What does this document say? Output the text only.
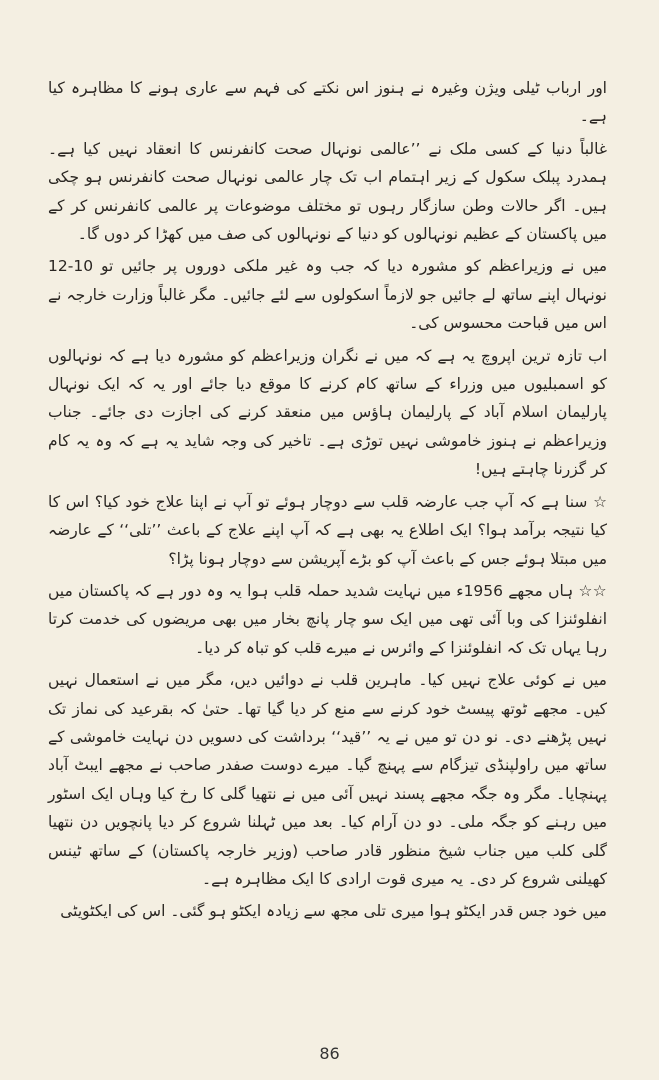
اور ارباب ٹیلی ویژن وغیرہ نے ہنوز اس نکتے کی فہم سے عاری ہونے کا مظاہرہ کیا ہے۔

غالباً دنیا کے کسی ملک نے ’’عالمی نونہال صحت کانفرنس کا انعقاد نہیں کیا ہے۔ ہمدرد پبلک سکول کے زیر اہتمام اب تک چار عالمی نونہال صحت کانفرنس ہو چکی ہیں۔ اگر حالات وطن سازگار رہوں تو مختلف موضوعات پر عالمی کانفرنس کر کے میں پاکستان کے عظیم نونہالوں کو دنیا کے نونہالوں کی صف میں کھڑا کر دوں گا۔

میں نے وزیراعظم کو مشورہ دیا کہ جب وہ غیر ملکی دوروں پر جائیں تو 10-12 نونہال اپنے ساتھ لے جائیں جو لازماً اسکولوں سے لئے جائیں۔ مگر غالباً وزارت خارجہ نے اس میں قباحت محسوس کی۔

اب تازہ ترین اپروچ یہ ہے کہ میں نے نگران وزیراعظم کو مشورہ دیا ہے کہ نونہالوں کو اسمبلیوں میں وزراء کے ساتھ کام کرنے کا موقع دیا جائے اور یہ کہ ایک نونہال پارلیمان اسلام آباد کے پارلیمان ہاؤس میں منعقد کرنے کی اجازت دی جائے۔ جناب وزیراعظم نے ہنوز خاموشی نہیں توڑی ہے۔ تاخیر کی وجہ شاید یہ ہے کہ وہ یہ کام کر گزرنا چاہتے ہیں!

☆ سنا ہے کہ آپ جب عارضہ قلب سے دوچار ہوئے تو آپ نے اپنا علاج خود کیا؟ اس کا کیا نتیجہ برآمد ہوا؟ ایک اطلاع یہ بھی ہے کہ آپ اپنے علاج کے باعث ’’تلی‘‘ کے عارضہ میں مبتلا ہوئے جس کے باعث آپ کو بڑے آپریشن سے دوچار ہونا پڑا؟

☆☆ ہاں مجھے 1956ء میں نہایت شدید حملہ قلب ہوا یہ وہ دور ہے کہ پاکستان میں انفلوئنزا کی وبا آئی تھی میں ایک سو چار پانچ بخار میں بھی مریضوں کی خدمت کرتا رہا یہاں تک کہ انفلوئنزا کے وائرس نے میرے قلب کو تباہ کر دیا۔

میں نے کوئی علاج نہیں کیا۔ ماہرین قلب نے دوائیں دیں، مگر میں نے استعمال نہیں کیں۔ مجھے ٹوتھ پیسٹ خود کرنے سے منع کر دیا گیا تھا۔ حتیٰ کہ بقرعید کی نماز تک نہیں پڑھنے دی۔ نو دن تو میں نے یہ ’’قید‘‘ برداشت کی دسویں دن نہایت خاموشی کے ساتھ میں راولپنڈی تیزگام سے پہنچ گیا۔ میرے دوست صفدر صاحب نے مجھے ایبٹ آباد پہنچایا۔ مگر وہ جگہ مجھے پسند نہیں آئی میں نے نتھیا گلی کا رخ کیا وہاں ایک اسٹور میں رہنے کو جگہ ملی۔ دو دن آرام کیا۔ بعد میں ٹہلنا شروع کر دیا پانچویں دن نتھیا گلی کلب میں جناب شیخ منظور قادر صاحب (وزیر خارجہ پاکستان) کے ساتھ ٹینس کھیلنی شروع کر دی۔ یہ میری قوت ارادی کا ایک مظاہرہ ہے۔

میں خود جس قدر ایکٹو ہوا میری تلی مجھ سے زیادہ ایکٹو ہو گئی۔ اس کی ایکٹویٹی

86
